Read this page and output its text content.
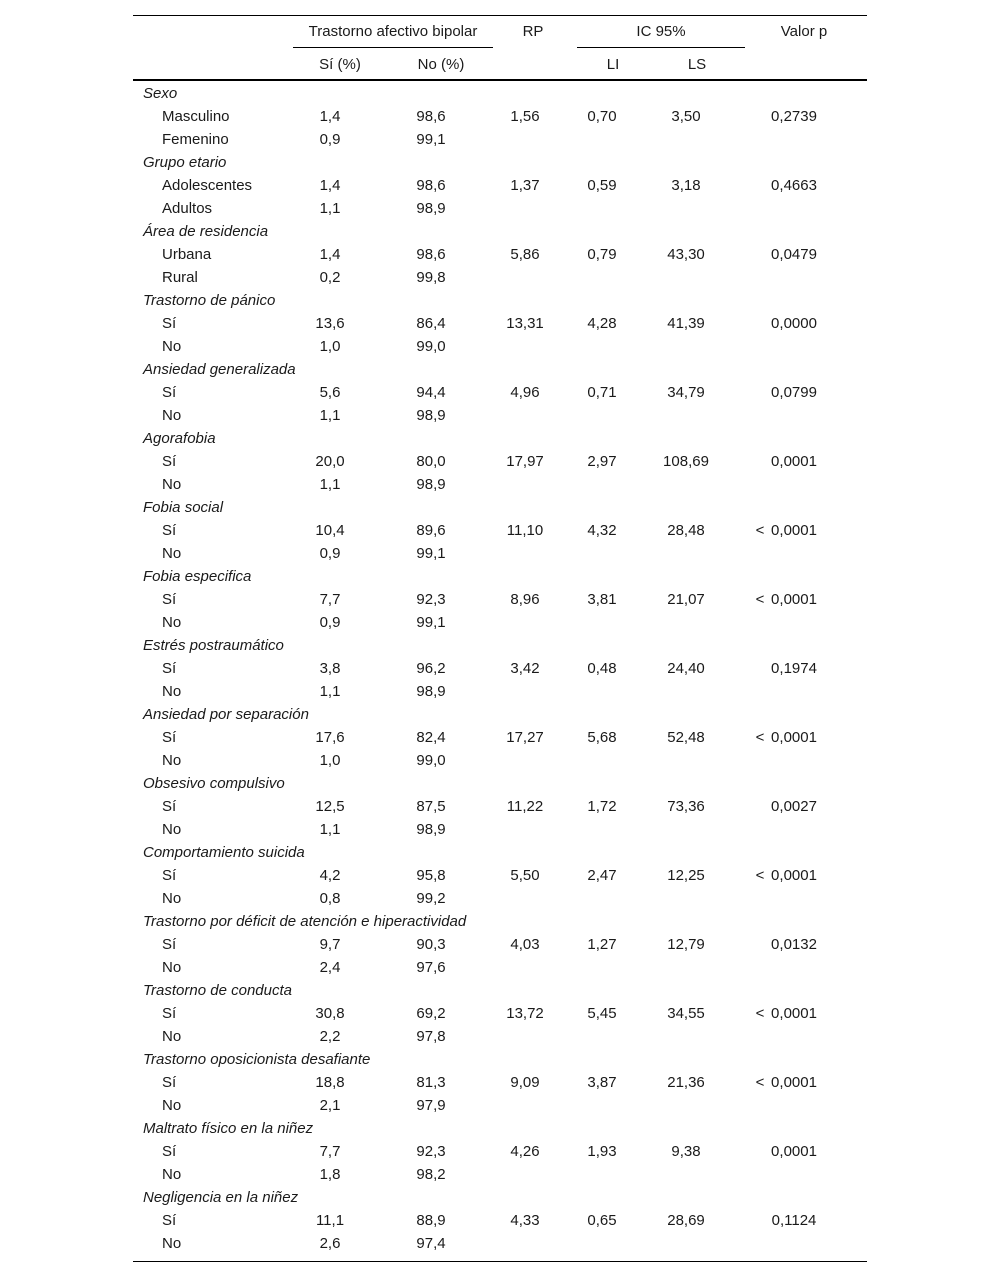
Trastorno afectivo bipolar	RP	IC 95%	Valor p
Sí (%)	No (%)	LI	LS
Sexo
Masculino	1,4	98,6	1,56	0,70	3,50	0,2739
Femenino	0,9	99,1
Grupo etario
Adolescentes	1,4	98,6	1,37	0,59	3,18	0,4663
Adultos	1,1	98,9
Área de residencia
Urbana	1,4	98,6	5,86	0,79	43,30	0,0479
Rural	0,2	99,8
Trastorno de pánico
Sí	13,6	86,4	13,31	4,28	41,39	0,0000
No	1,0	99,0
Ansiedad generalizada
Sí	5,6	94,4	4,96	0,71	34,79	0,0799
No	1,1	98,9
Agorafobia
Sí	20,0	80,0	17,97	2,97	108,69	0,0001
No	1,1	98,9
Fobia social
Sí	10,4	89,6	11,10	4,32	28,48	< 0,0001
No	0,9	99,1
Fobia especifica
Sí	7,7	92,3	8,96	3,81	21,07	< 0,0001
No	0,9	99,1
Estrés postraumático
Sí	3,8	96,2	3,42	0,48	24,40	0,1974
No	1,1	98,9
Ansiedad por separación
Sí	17,6	82,4	17,27	5,68	52,48	< 0,0001
No	1,0	99,0
Obsesivo compulsivo
Sí	12,5	87,5	11,22	1,72	73,36	0,0027
No	1,1	98,9
Comportamiento suicida
Sí	4,2	95,8	5,50	2,47	12,25	< 0,0001
No	0,8	99,2
Trastorno por déficit de atención e hiperactividad
Sí	9,7	90,3	4,03	1,27	12,79	0,0132
No	2,4	97,6
Trastorno de conducta
Sí	30,8	69,2	13,72	5,45	34,55	< 0,0001
No	2,2	97,8
Trastorno oposicionista desafiante
Sí	18,8	81,3	9,09	3,87	21,36	< 0,0001
No	2,1	97,9
Maltrato físico en la niñez
Sí	7,7	92,3	4,26	1,93	9,38	0,0001
No	1,8	98,2
Negligencia en la niñez
Sí	11,1	88,9	4,33	0,65	28,69	0,1124
No	2,6	97,4
